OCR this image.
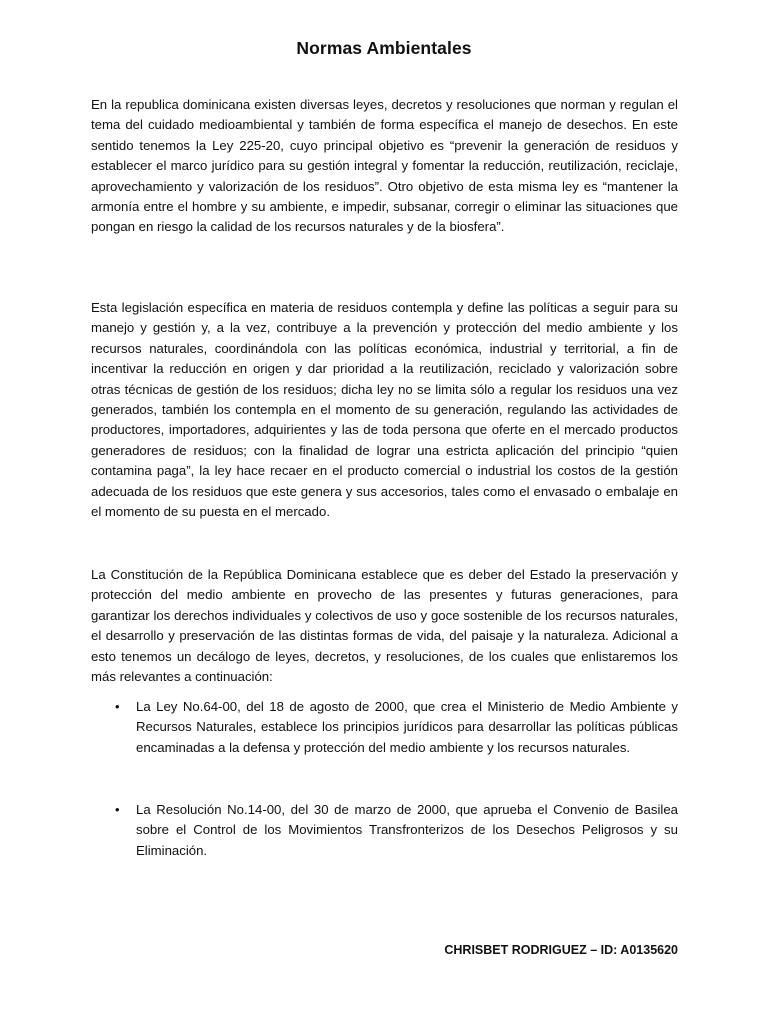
Normas Ambientales

En la republica dominicana existen diversas leyes, decretos y resoluciones que norman y regulan el tema del cuidado medioambiental y también de forma específica el manejo de desechos. En este sentido tenemos la Ley 225-20, cuyo principal objetivo es “prevenir la generación de residuos y establecer el marco jurídico para su gestión integral y fomentar la reducción, reutilización, reciclaje, aprovechamiento y valorización de los residuos”. Otro objetivo de esta misma ley es “mantener la armonía entre el hombre y su ambiente, e impedir, subsanar, corregir o eliminar las situaciones que pongan en riesgo la calidad de los recursos naturales y de la biosfera”.

Esta legislación específica en materia de residuos contempla y define las políticas a seguir para su manejo y gestión y, a la vez, contribuye a la prevención y protección del medio ambiente y los recursos naturales, coordinándola con las políticas económica, industrial y territorial, a fin de incentivar la reducción en origen y dar prioridad a la reutilización, reciclado y valorización sobre otras técnicas de gestión de los residuos; dicha ley no se limita sólo a regular los residuos una vez generados, también los contempla en el momento de su generación, regulando las actividades de productores, importadores, adquirientes y las de toda persona que oferte en el mercado productos generadores de residuos; con la finalidad de lograr una estricta aplicación del principio “quien contamina paga”, la ley hace recaer en el producto comercial o industrial los costos de la gestión adecuada de los residuos que este genera y sus accesorios, tales como el envasado o embalaje en el momento de su puesta en el mercado.

La Constitución de la República Dominicana establece que es deber del Estado la preservación y protección del medio ambiente en provecho de las presentes y futuras generaciones, para garantizar los derechos individuales y colectivos de uso y goce sostenible de los recursos naturales, el desarrollo y preservación de las distintas formas de vida, del paisaje y la naturaleza. Adicional a esto tenemos un decálogo de leyes, decretos, y resoluciones, de los cuales que enlistaremos los más relevantes a continuación:

• La Ley No.64-00, del 18 de agosto de 2000, que crea el Ministerio de Medio Ambiente y Recursos Naturales, establece los principios jurídicos para desarrollar las políticas públicas encaminadas a la defensa y protección del medio ambiente y los recursos naturales.
• La Resolución No.14-00, del 30 de marzo de 2000, que aprueba el Convenio de Basilea sobre el Control de los Movimientos Transfronterizos de los Desechos Peligrosos y su Eliminación.
CHRISBET RODRIGUEZ – ID: A0135620
